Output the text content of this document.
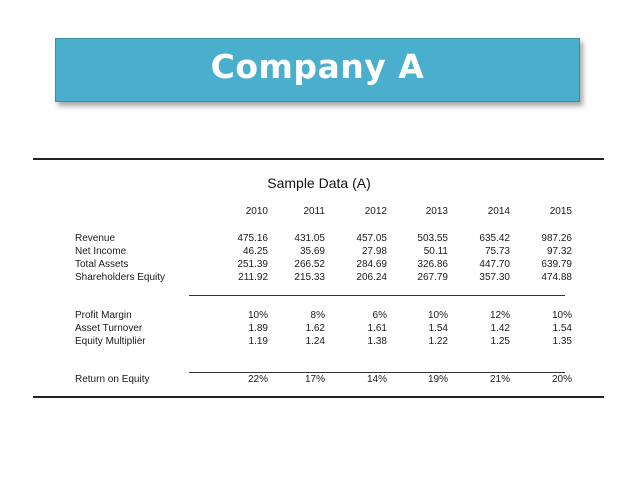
Company A
Sample Data (A)
2010	2011	2012	2013	2014	2015
Revenue	475.16	431.05	457.05	503.55	635.42	987.26
Net Income	46.25	35.69	27.98	50.11	75.73	97.32
Total Assets	251.39	266.52	284.69	326.86	447.70	639.79
Shareholders Equity	211.92	215.33	206.24	267.79	357.30	474.88
Profit Margin	10%	8%	6%	10%	12%	10%
Asset Turnover	1.89	1.62	1.61	1.54	1.42	1.54
Equity Multiplier	1.19	1.24	1.38	1.22	1.25	1.35
Return on Equity	22%	17%	14%	19%	21%	20%
